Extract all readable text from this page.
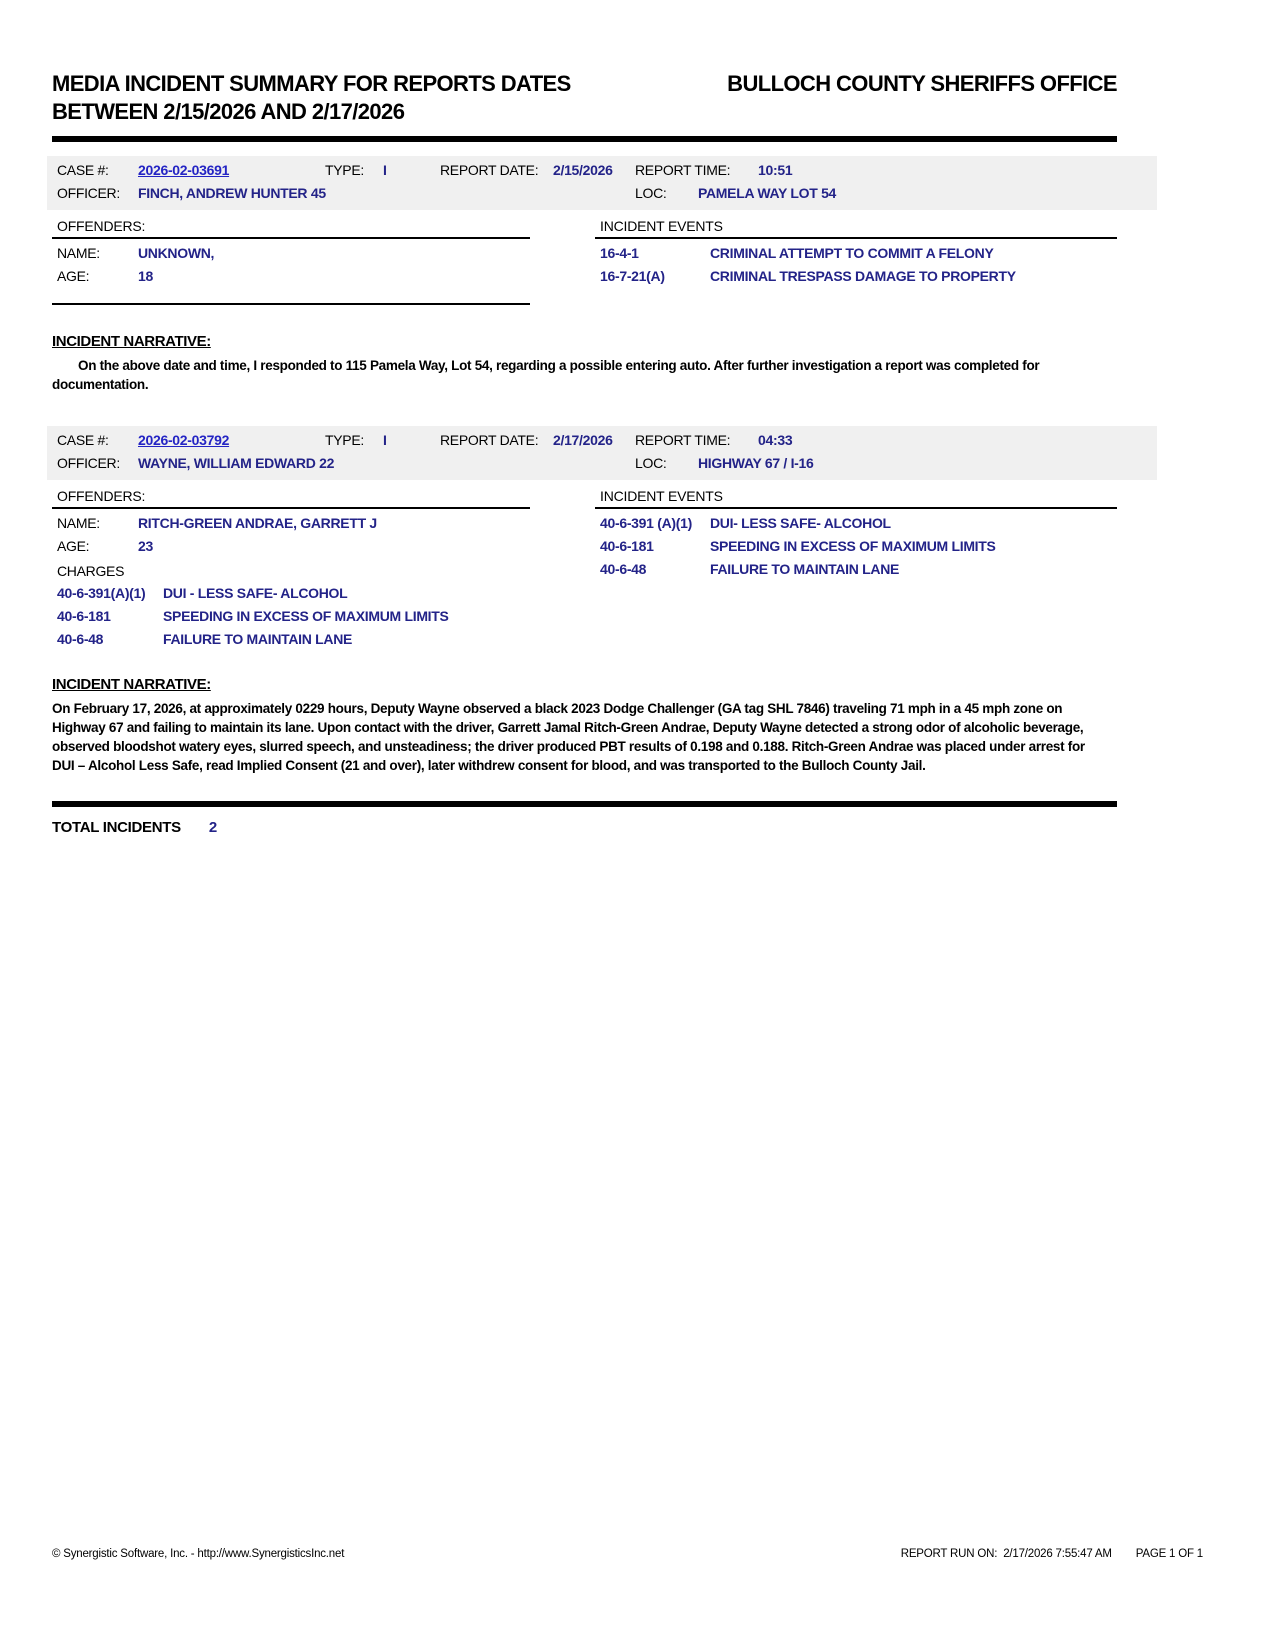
MEDIA INCIDENT SUMMARY FOR REPORTS DATES
BETWEEN 2/15/2026 AND 2/17/2026
BULLOCH COUNTY SHERIFFS OFFICE
CASE #: 2026-02-03691	TYPE: I	REPORT DATE: 2/15/2026 REPORT TIME: 10:51
OFFICER: FINCH, ANDREW HUNTER 45	LOC: PAMELA WAY LOT 54
OFFENDERS:
NAME:	UNKNOWN,
AGE:	18
INCIDENT EVENTS
16-4-1	CRIMINAL ATTEMPT TO COMMIT A FELONY
16-7-21(A)	CRIMINAL TRESPASS DAMAGE TO PROPERTY
INCIDENT NARRATIVE:
On the above date and time, I responded to 115 Pamela Way, Lot 54, regarding a possible entering auto. After further investigation a report was completed for documentation.
CASE #: 2026-02-03792	TYPE: I	REPORT DATE: 2/17/2026 REPORT TIME: 04:33
OFFICER: WAYNE, WILLIAM EDWARD 22	LOC: HIGHWAY 67 / I-16
OFFENDERS:
NAME:	RITCH-GREEN ANDRAE, GARRETT J
AGE:	23
CHARGES
40-6-391(A)(1)	DUI - LESS SAFE- ALCOHOL
40-6-181	SPEEDING IN EXCESS OF MAXIMUM LIMITS
40-6-48	FAILURE TO MAINTAIN LANE
INCIDENT EVENTS
40-6-391 (A)(1)	DUI- LESS SAFE- ALCOHOL
40-6-181	SPEEDING IN EXCESS OF MAXIMUM LIMITS
40-6-48	FAILURE TO MAINTAIN LANE
INCIDENT NARRATIVE:
On February 17, 2026, at approximately 0229 hours, Deputy Wayne observed a black 2023 Dodge Challenger (GA tag SHL 7846) traveling 71 mph in a 45 mph zone on Highway 67 and failing to maintain its lane. Upon contact with the driver, Garrett Jamal Ritch-Green Andrae, Deputy Wayne detected a strong odor of alcoholic beverage, observed bloodshot watery eyes, slurred speech, and unsteadiness; the driver produced PBT results of 0.198 and 0.188. Ritch-Green Andrae was placed under arrest for DUI – Alcohol Less Safe, read Implied Consent (21 and over), later withdrew consent for blood, and was transported to the Bulloch County Jail.
TOTAL INCIDENTS 2
© Synergistic Software, Inc. - http://www.SynergisticsInc.net	REPORT RUN ON: 2/17/2026 7:55:47 AM PAGE 1 OF 1
